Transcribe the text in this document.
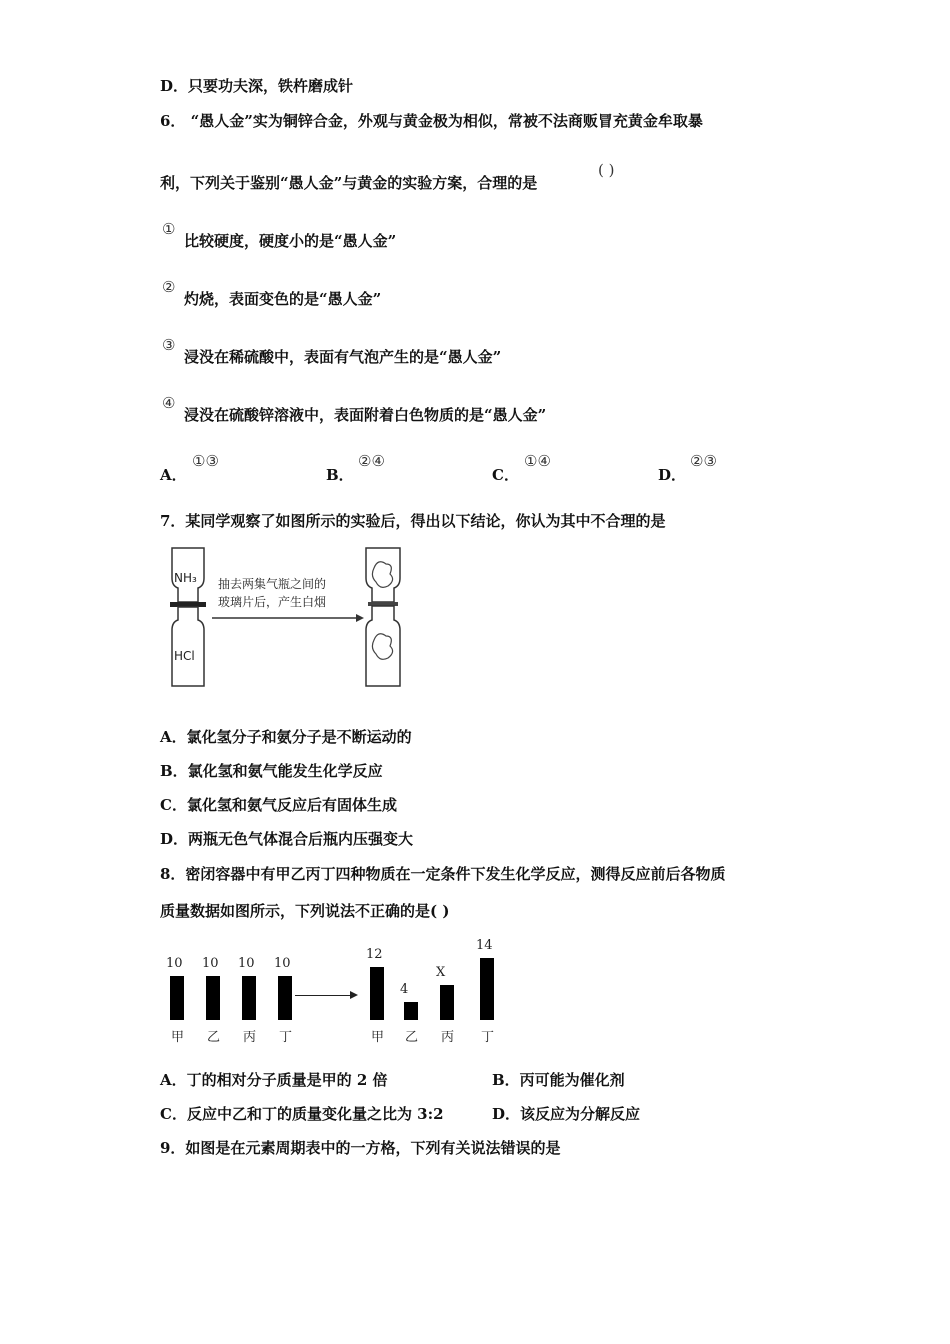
D．只要功夫深，铁杵磨成针
6． “愚人金”实为铜锌合金，外观与黄金极为相似，常被不法商贩冒充黄金牟取暴
利，下列关于鉴别“愚人金”与黄金的实验方案，合理的是
( )
①
比较硬度，硬度小的是“愚人金”
②
灼烧，表面变色的是“愚人金”
③
浸没在稀硫酸中，表面有气泡产生的是“愚人金”
④
浸没在硫酸锌溶液中，表面附着白色物质的是“愚人金”
A．
①③
B．
②④
C．
①④
D．
②③
7．某同学观察了如图所示的实验后，得出以下结论，你认为其中不合理的是
NH₃
HCl
抽去两集气瓶之间的
玻璃片后，产生白烟
A．氯化氢分子和氨分子是不断运动的
B．氯化氢和氨气能发生化学反应
C．氯化氢和氨气反应后有固体生成
D．两瓶无色气体混合后瓶内压强变大
8．密闭容器中有甲乙丙丁四种物质在一定条件下发生化学反应，测得反应前后各物质
质量数据如图所示，下列说法不正确的是( )
10
甲
10
乙
10
丙
10
丁
12
甲
4
乙
X
丙
14
丁
A．丁的相对分子质量是甲的 2 倍	B．丙可能为催化剂
C．反应中乙和丁的质量变化量之比为 3:2	D．该反应为分解反应
9．如图是在元素周期表中的一方格，下列有关说法错误的是
